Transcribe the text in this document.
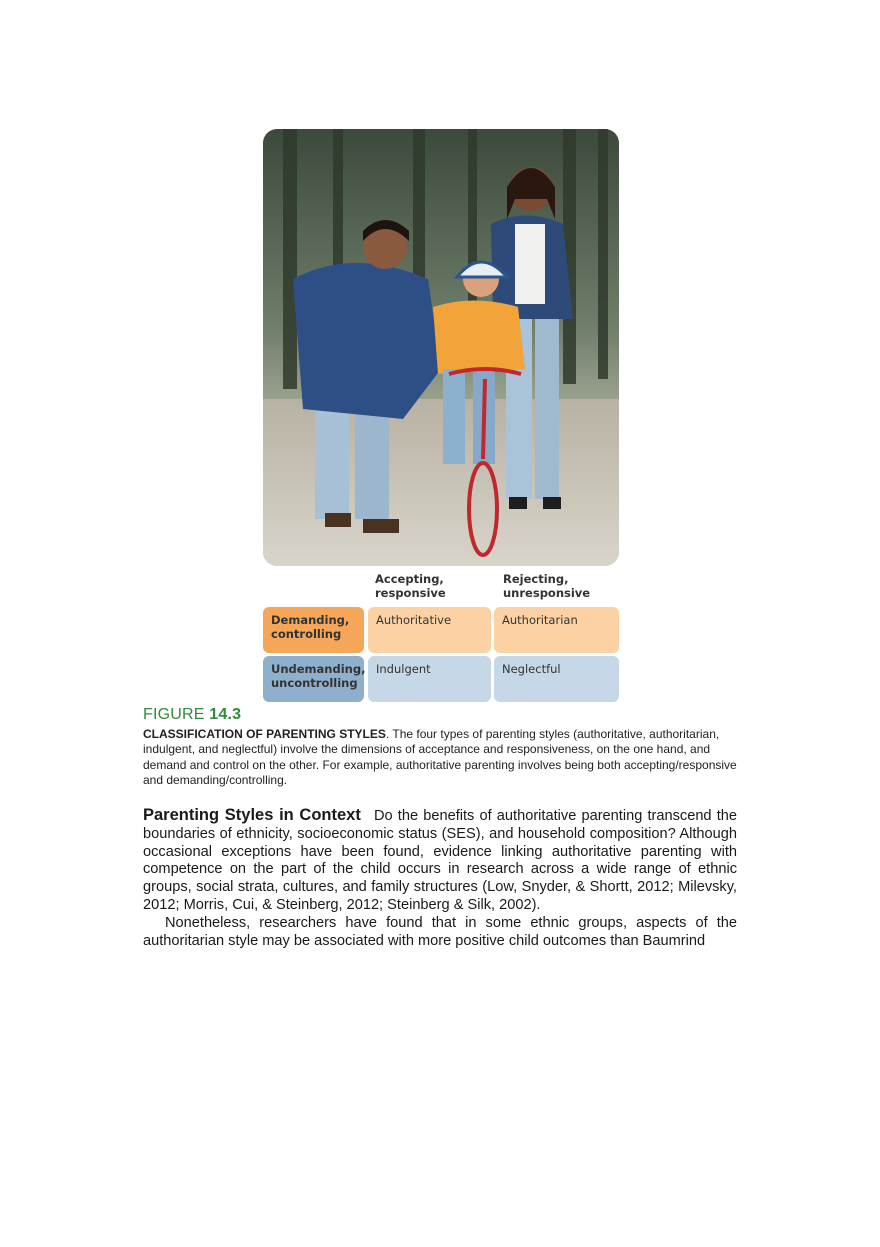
Accepting,
responsive
Rejecting,
unresponsive
Demanding,
controlling
Authoritative	Authoritarian
Undemanding,
uncontrolling
Indulgent	Neglectful
FIGURE 14.3
CLASSIFICATION OF PARENTING STYLES. The four types of parenting styles (authoritative, authoritarian, indulgent, and neglectful) involve the dimensions of acceptance and responsiveness, on the one hand, and demand and control on the other. For example, authoritative parenting involves being both accepting/responsive and demanding/controlling.

Parenting Styles in Context Do the benefits of authoritative parenting transcend the boundaries of ethnicity, socioeconomic status (SES), and household composition? Although occasional exceptions have been found, evidence linking authoritative parenting with competence on the part of the child occurs in research across a wide range of ethnic groups, social strata, cultures, and family structures (Low, Snyder, & Shortt, 2012; Milevsky, 2012; Morris, Cui, & Steinberg, 2012; Steinberg & Silk, 2002).

Nonetheless, researchers have found that in some ethnic groups, aspects of the authoritarian style may be associated with more positive child outcomes than Baumrind
